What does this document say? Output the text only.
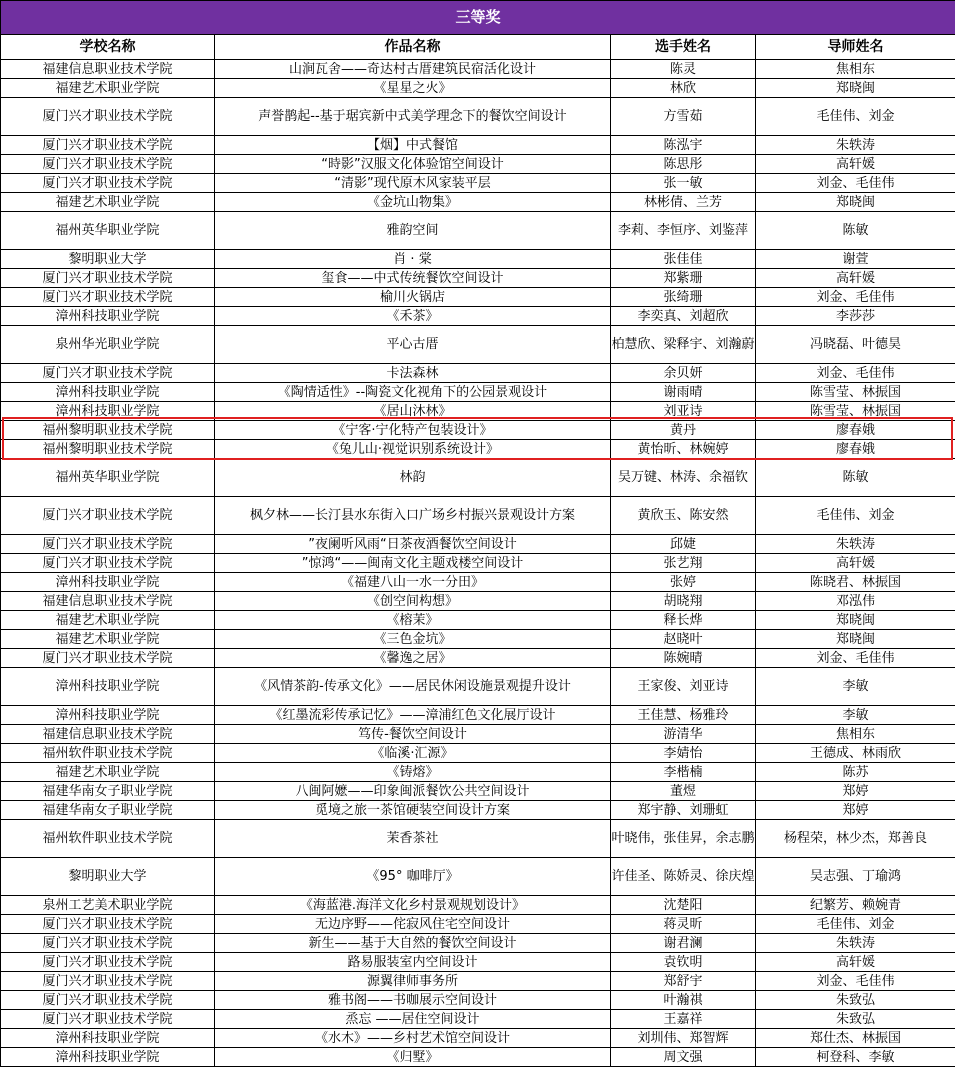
三等奖			
学校名称	作品名称	选手姓名	导师姓名
福建信息职业技术学院	山涧瓦舍——奇达村古厝建筑民宿活化设计	陈灵	焦相东
福建艺术职业学院	《星星之火》	林欣	郑晓闽
厦门兴才职业技术学院	声誉鹊起--基于琚宾新中式美学理念下的餐饮空间设计	方雪茹	毛佳伟、刘金
厦门兴才职业技术学院	【烟】中式餐馆	陈泓宇	朱轶涛
厦门兴才职业技术学院	“時影”汉服文化体验馆空间设计	陈思彤	高轩媛
厦门兴才职业技术学院	“清影”现代原木风家装平层	张一敏	刘金、毛佳伟
福建艺术职业学院	《金坑山物集》	林彬倩、兰芳	郑晓闽
福州英华职业学院	雅韵空间	李莉、李恒序、刘鉴萍	陈敏
黎明职业大学	肖 · 棠	张佳佳	谢萱
厦门兴才职业技术学院	玺食——中式传统餐饮空间设计	郑紫珊	高轩媛
厦门兴才职业技术学院	榆川火锅店	张绮珊	刘金、毛佳伟
漳州科技职业学院	《禾茶》	李奕真、刘超欣	李莎莎
泉州华光职业学院	平心古厝	柏慧欣、梁释宇、刘瀚蔚	冯晓磊、叶德昊
厦门兴才职业技术学院	卡法森林	余贝妍	刘金、毛佳伟
漳州科技职业学院	《陶情适性》--陶瓷文化视角下的公园景观设计	谢雨晴	陈雪莹、林振国
漳州科技职业学院	《居山沐林》	刘亚诗	陈雪莹、林振国
福州黎明职业技术学院	《宁客·宁化特产包装设计》	黄丹	廖春娥
福州黎明职业技术学院	《兔儿山·视觉识别系统设计》	黄怡昕、林婉婷	廖春娥
福州英华职业学院	林韵	吴万键、林涛、余福钦	陈敏
厦门兴才职业技术学院	枫夕林——长汀县水东街入口广场乡村振兴景观设计方案	黄欣玉、陈安然	毛佳伟、刘金
厦门兴才职业技术学院	”夜阑听风雨“日茶夜酒餐饮空间设计	邱婕	朱轶涛
厦门兴才职业技术学院	”惊鸿“——闽南文化主题戏楼空间设计	张艺翔	高轩媛
漳州科技职业学院	《福建八山一水一分田》	张婷	陈晓君、林振国
福建信息职业技术学院	《创空间构想》	胡晓翔	邓泓伟
福建艺术职业学院	《榕茉》	释长烨	郑晓闽
福建艺术职业学院	《三色金坑》	赵晓叶	郑晓闽
厦门兴才职业技术学院	《馨逸之居》	陈婉晴	刘金、毛佳伟
漳州科技职业学院	《风情茶韵-传承文化》——居民休闲设施景观提升设计	王家俊、刘亚诗	李敏
漳州科技职业学院	《红墨流彩传承记忆》——漳浦红色文化展厅设计	王佳慧、杨雅玲	李敏
福建信息职业技术学院	笃传-餐饮空间设计	游清华	焦相东
福州软件职业技术学院	《临溪·汇源》	李婧怡	王德成、林雨欣
福建艺术职业学院	《铸熔》	李楷楠	陈苏
福建华南女子职业学院	八闽阿嬷——印象闽派餐饮公共空间设计	董煜	郑婷
福建华南女子职业学院	觅境之旅一茶馆硬装空间设计方案	郑宇静、刘珊虹	郑婷
福州软件职业技术学院	茉香茶社	叶晓伟，张佳昇，余志鹏	杨程荣，林少杰，郑善良
黎明职业大学	《95° 咖啡厅》	许佳圣、陈娇灵、徐庆煌	吴志强、丁瑜鸿
泉州工艺美术职业学院	《海蓝港.海洋文化乡村景观规划设计》	沈楚阳	纪繁芳、赖婉青
厦门兴才职业技术学院	无边序野——侘寂风住宅空间设计	蒋灵昕	毛佳伟、刘金
厦门兴才职业技术学院	新生——基于大自然的餐饮空间设计	谢君澜	朱轶涛
厦门兴才职业技术学院	路易服装室内空间设计	袁钦明	高轩媛
厦门兴才职业技术学院	源翼律师事务所	郑舒宇	刘金、毛佳伟
厦门兴才职业技术学院	雅书阁——书咖展示空间设计	叶瀚祺	朱致弘
厦门兴才职业技术学院	烝忘 ——居住空间设计	王嘉祥	朱致弘
漳州科技职业学院	《水木》——乡村艺术馆空间设计	刘圳伟、郑智辉	郑仕杰、林振国
漳州科技职业学院	《归墅》	周文强	柯登科、李敏
